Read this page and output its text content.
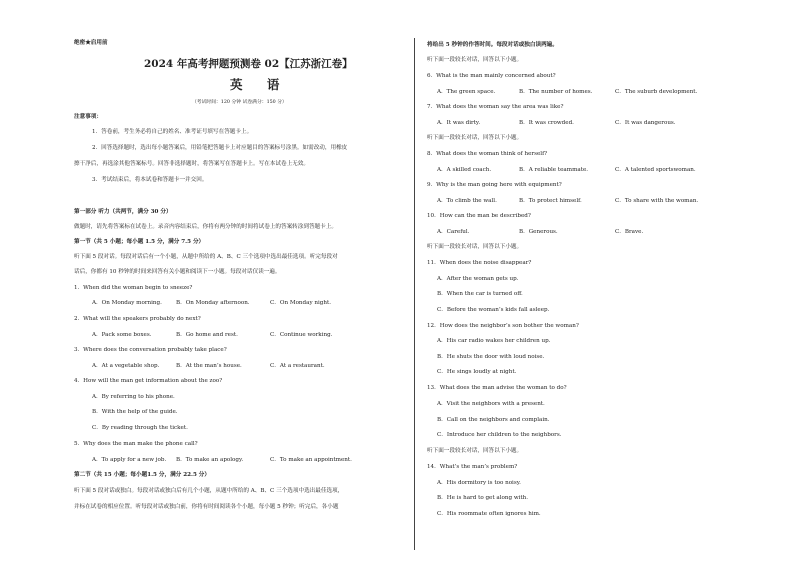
绝密★启用前
2024 年高考押题预测卷 02【江苏浙江卷】
英 语
（考试时间：120 分钟 试卷满分：150 分）
注意事项：
1．答卷前，考生务必将自己的姓名、准考证号填写在答题卡上。
2．回答选择题时，选出每小题答案后，用铅笔把答题卡上对应题目的答案标号涂黑。如需改动，用橡皮
擦干净后，再选涂其他答案标号。回答非选择题时，将答案写在答题卡上。写在本试卷上无效。
3．考试结束后，将本试卷和答题卡一并交回。
第一部分 听力（共两节，满分 30 分）
做题时，请先将答案标在试卷上。录音内容结束后，你将有两分钟的时间将试卷上的答案转涂到答题卡上。
第一节（共 5 小题；每小题 1.5 分，满分 7.5 分）
听下面 5 段对话。每段对话后有一个小题，从题中所给的 A、B、C 三个选项中选出最佳选项。听完每段对
话后，你都有 10 秒钟的时间来回答有关小题和阅读下一小题。每段对话仅读一遍。
1．When did the woman begin to sneeze?
A．On Monday morning.	B．On Monday afternoon.	C．On Monday night.
2．What will the speakers probably do next?
A．Pack some boxes.	B．Go home and rest.	C．Continue working.
3．Where does the conversation probably take place?
A．At a vegetable shop.	B．At the man’s house.	C．At a restaurant.
4．How will the man get information about the zoo?
A．By referring to his phone.
B．With the help of the guide.
C．By reading through the ticket.
5．Why does the man make the phone call?
A．To apply for a new job. B．To make an apology.	C．To make an appointment.
第二节（共 15 小题；每小题1.5 分，满分 22.5 分）
听下面 5 段对话或独白。每段对话或独白后有几个小题，从题中所给的 A、B、C 三个选项中选出最佳选项，
并标在试卷的相应位置。听每段对话或独白前，你将有时间阅读各个小题，每小题 5 秒钟；听完后，各小题
将给出 5 秒钟的作答时间。每段对话或独白读两遍。
听下面一段较长对话，回答以下小题。
6．What is the man mainly concerned about?
A．The green space.	B．The number of homes.	C．The suburb development.
7．What does the woman say the area was like?
A．It was dirty.	B．It was crowded.	C．It was dangerous.
听下面一段较长对话，回答以下小题。
8．What does the woman think of herself?
A．A skilled coach.	B．A reliable teammate.	C．A talented sportswoman.
9．Why is the man going here with equipment?
A．To climb the wall.	B．To protect himself.	C．To share with the woman.
10．How can the man be described?
A．Careful.	B．Generous.	C．Brave.
听下面一段较长对话，回答以下小题。
11．When does the noise disappear?
A．After the woman gets up.
B．When the car is turned off.
C．Before the woman’s kids fall asleep.
12．How does the neighbor’s son bother the woman?
A．His car radio wakes her children up.
B．He shuts the door with loud noise.
C．He sings loudly at night.
13．What does the man advise the woman to do?
A．Visit the neighbors with a present.
B．Call on the neighbors and complain.
C．Introduce her children to the neighbors.
听下面一段较长对话，回答以下小题。
14．What’s the man’s problem?
A．His dormitory is too noisy.
B．He is hard to get along with.
C．His roommate often ignores him.
